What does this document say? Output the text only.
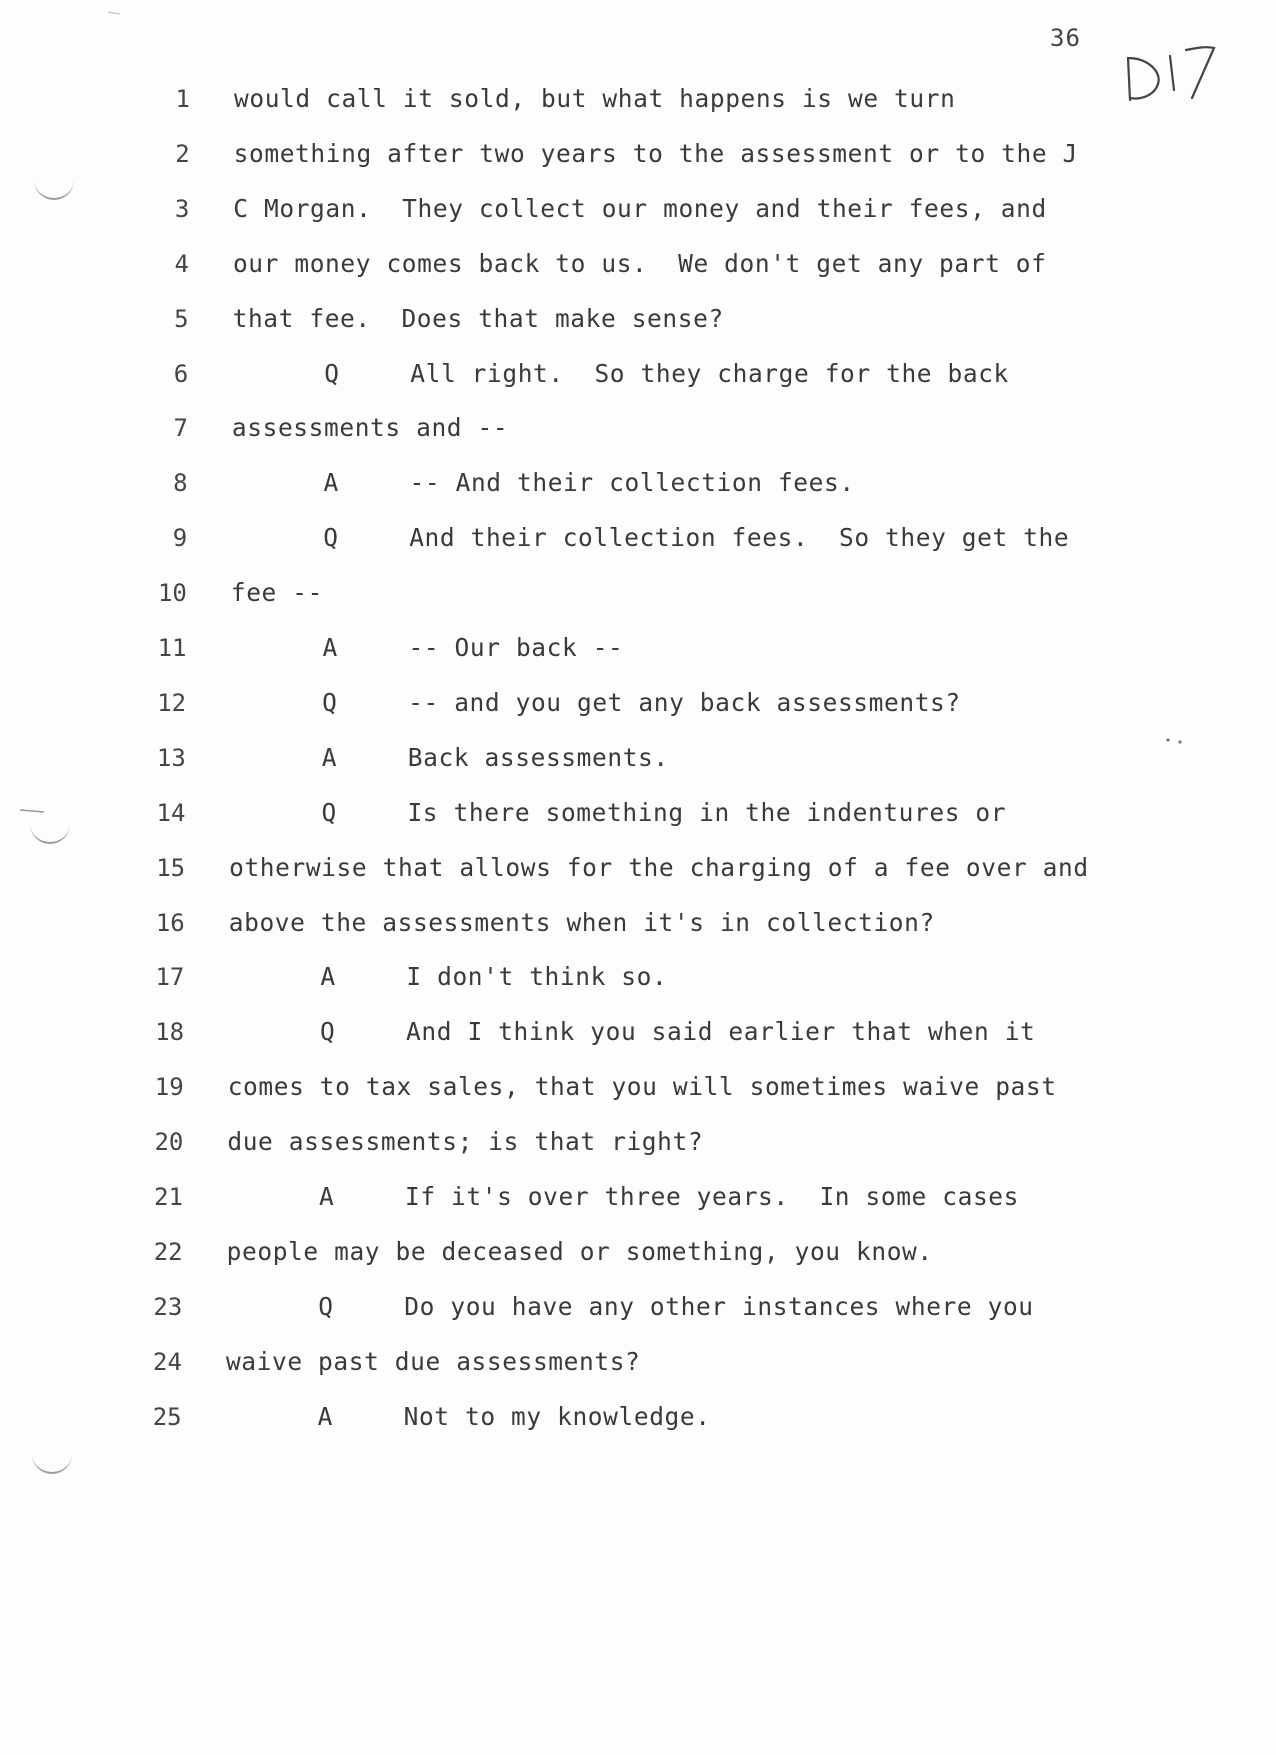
36
1 would call it sold, but what happens is we turn
2 something after two years to the assessment or to the J
3 C Morgan.  They collect our money and their fees, and
4 our money comes back to us.  We don't get any part of
5 that fee.  Does that make sense?
6	Q	All right.  So they charge for the back
7 assessments and --
8	A	-- And their collection fees.
9	Q	And their collection fees.  So they get the
10 fee --
11	A	-- Our back --
12	Q	-- and you get any back assessments?
13	A	Back assessments.
14	Q	Is there something in the indentures or
15 otherwise that allows for the charging of a fee over and
16 above the assessments when it's in collection?
17	A	I don't think so.
18	Q	And I think you said earlier that when it
19 comes to tax sales, that you will sometimes waive past
20 due assessments; is that right?
21	A	If it's over three years.  In some cases
22 people may be deceased or something, you know.
23	Q	Do you have any other instances where you
24 waive past due assessments?
25	A	Not to my knowledge.
